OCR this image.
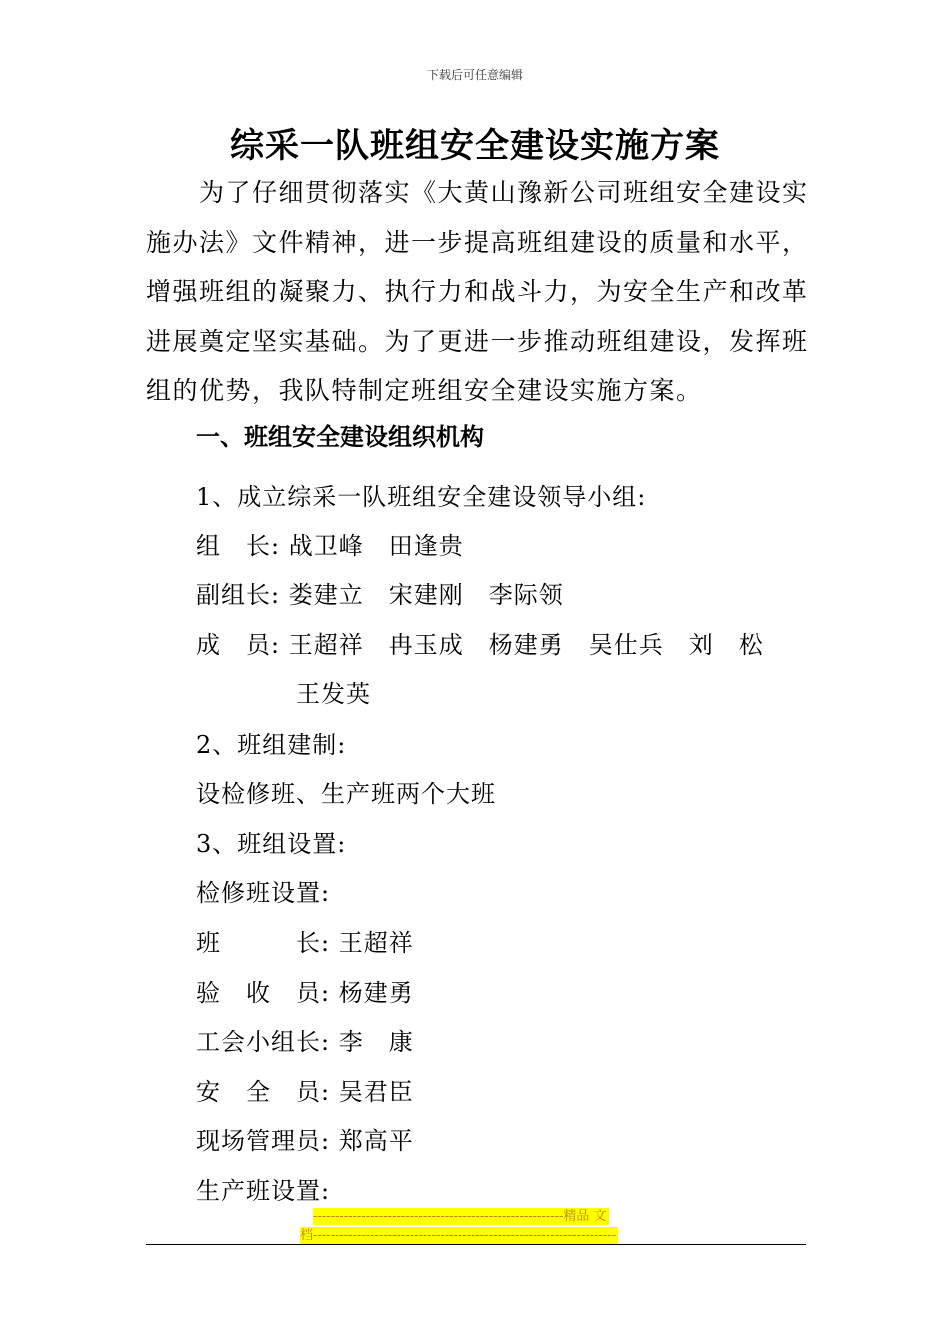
下载后可任意编辑
综采一队班组安全建设实施方案
　　为了仔细贯彻落实《大黄山豫新公司班组安全建设实
施办法》文件精神，进一步提高班组建设的质量和水平，
增强班组的凝聚力、执行力和战斗力，为安全生产和改革
进展奠定坚实基础。为了更进一步推动班组建设，发挥班
组的优势，我队特制定班组安全建设实施方案。
一、班组安全建设组织机构
1、成立综采一队班组安全建设领导小组:
组　长: 战卫峰　田逢贵
副组长: 娄建立　宋建刚　李际领
成　员: 王超祥　冉玉成　杨建勇　吴仕兵　刘　松
　　　　王发英
2、班组建制:
设检修班、生产班两个大班
3、班组设置:
检修班设置:
班　　　长: 王超祥
验　收　员: 杨建勇
工会小组长: 李　康
安　全　员: 吴君臣
现场管理员: 郑高平
生产班设置:
---------------------------------------------------------精品 文
档---------------------------------------------------------------------
